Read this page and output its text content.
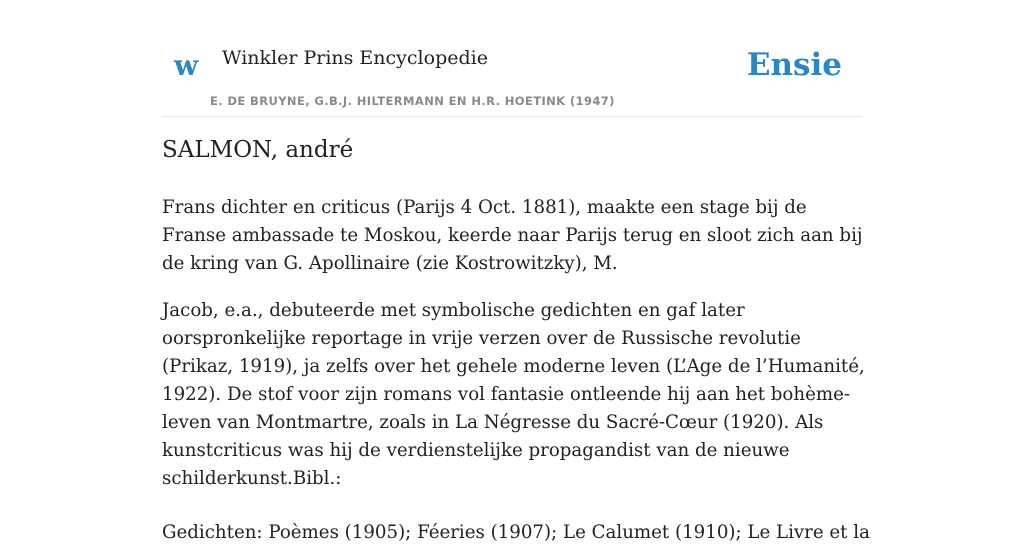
w Winkler Prins Encyclopedie
E. DE BRUYNE, G.B.J. HILTERMANN EN H.R. HOETINK (1947)
Ensie
SALMON, andré

Frans dichter en criticus (Parijs 4 Oct. 1881), maakte een stage bij de Franse ambassade te Moskou, keerde naar Parijs terug en sloot zich aan bij de kring van G. Apollinaire (zie Kostrowitzky), M.

Jacob, e.a., debuteerde met symbolische gedichten en gaf later oorspronkelijke reportage in vrije verzen over de Russische revolutie (Prikaz, 1919), ja zelfs over het gehele moderne leven (L’Age de l’Humanité, 1922). De stof voor zijn romans vol fantasie ontleende hij aan het bohème-leven van Montmartre, zoals in La Négresse du Sacré-Cœur (1920). Als kunstcriticus was hij de verdienstelijke propagandist van de nieuwe schilderkunst.Bibl.:

Gedichten: Poèmes (1905); Féeries (1907); Le Calumet (1910); Le Livre et la
